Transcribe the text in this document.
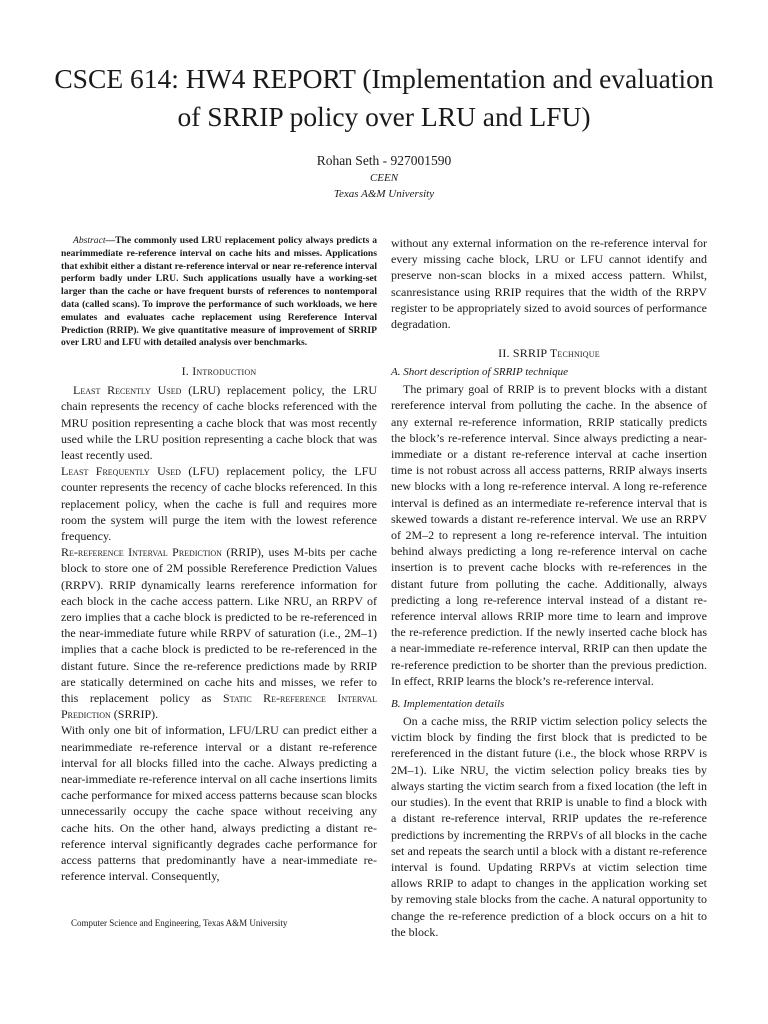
CSCE 614: HW4 REPORT (Implementation and evaluation of SRRIP policy over LRU and LFU)
Rohan Seth - 927001590
CEEN
Texas A&M University

Abstract—The commonly used LRU replacement policy always predicts a nearimmediate re-reference interval on cache hits and misses. Applications that exhibit either a distant re-reference interval or near re-reference interval perform badly under LRU. Such applications usually have a working-set larger than the cache or have frequent bursts of references to nontemporal data (called scans). To improve the performance of such workloads, we here emulates and evaluates cache replacement using Rereference Interval Prediction (RRIP). We give quantitative measure of improvement of SRRIP over LRU and LFU with detailed analysis over benchmarks.

I. Introduction

Least Recently Used (LRU) replacement policy, the LRU chain represents the recency of cache blocks referenced with the MRU position representing a cache block that was most recently used while the LRU position representing a cache block that was least recently used.

Least Frequently Used (LFU) replacement policy, the LFU counter represents the recency of cache blocks referenced. In this replacement policy, when the cache is full and requires more room the system will purge the item with the lowest reference frequency.

Re-reference Interval Prediction (RRIP), uses M-bits per cache block to store one of 2M possible Rereference Prediction Values (RRPV). RRIP dynamically learns rereference information for each block in the cache access pattern. Like NRU, an RRPV of zero implies that a cache block is predicted to be re-referenced in the near-immediate future while RRPV of saturation (i.e., 2M–1) implies that a cache block is predicted to be re-referenced in the distant future. Since the re-reference predictions made by RRIP are statically determined on cache hits and misses, we refer to this replacement policy as Static Re-reference Interval Prediction (SRRIP).

With only one bit of information, LFU/LRU can predict either a nearimmediate re-reference interval or a distant re-reference interval for all blocks filled into the cache. Always predicting a near-immediate re-reference interval on all cache insertions limits cache performance for mixed access patterns because scan blocks unnecessarily occupy the cache space without receiving any cache hits. On the other hand, always predicting a distant re-reference interval significantly degrades cache performance for access patterns that predominantly have a near-immediate re-reference interval. Consequently,

without any external information on the re-reference interval for every missing cache block, LRU or LFU cannot identify and preserve non-scan blocks in a mixed access pattern. Whilst, scanresistance using RRIP requires that the width of the RRPV register to be appropriately sized to avoid sources of performance degradation.

II. SRRIP Technique
A. Short description of SRRIP technique

The primary goal of RRIP is to prevent blocks with a distant rereference interval from polluting the cache. In the absence of any external re-reference information, RRIP statically predicts the block’s re-reference interval. Since always predicting a near-immediate or a distant re-reference interval at cache insertion time is not robust across all access patterns, RRIP always inserts new blocks with a long re-reference interval. A long re-reference interval is defined as an intermediate re-reference interval that is skewed towards a distant re-reference interval. We use an RRPV of 2M–2 to represent a long re-reference interval. The intuition behind always predicting a long re-reference interval on cache insertion is to prevent cache blocks with re-references in the distant future from polluting the cache. Additionally, always predicting a long re-reference interval instead of a distant re-reference interval allows RRIP more time to learn and improve the re-reference prediction. If the newly inserted cache block has a near-immediate re-reference interval, RRIP can then update the re-reference prediction to be shorter than the previous prediction. In effect, RRIP learns the block’s re-reference interval.

B. Implementation details

On a cache miss, the RRIP victim selection policy selects the victim block by finding the first block that is predicted to be rereferenced in the distant future (i.e., the block whose RRPV is 2M–1). Like NRU, the victim selection policy breaks ties by always starting the victim search from a fixed location (the left in our studies). In the event that RRIP is unable to find a block with a distant re-reference interval, RRIP updates the re-reference predictions by incrementing the RRPVs of all blocks in the cache set and repeats the search until a block with a distant re-reference interval is found. Updating RRPVs at victim selection time allows RRIP to adapt to changes in the application working set by removing stale blocks from the cache. A natural opportunity to change the re-reference prediction of a block occurs on a hit to the block.

Computer Science and Engineering, Texas A&M University
